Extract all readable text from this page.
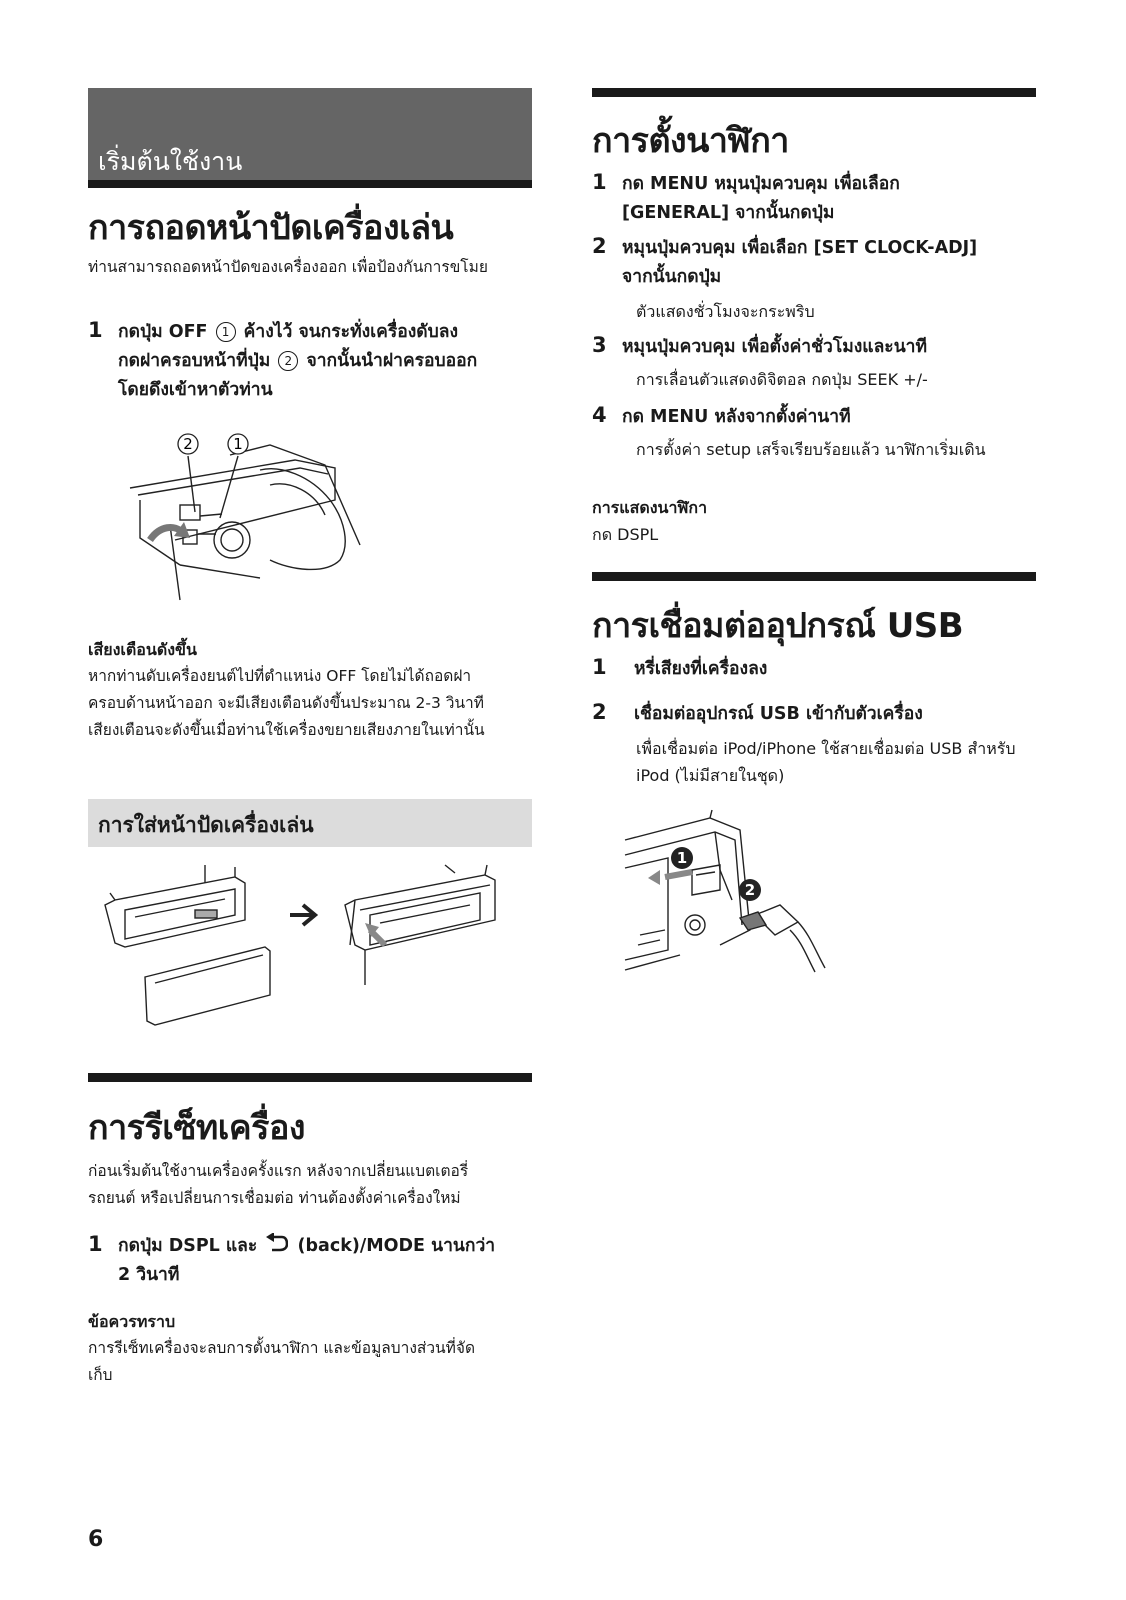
เริ่มต้นใช้งาน
การถอดหน้าปัดเครื่องเล่น
ท่านสามารถถอดหน้าปัดของเครื่องออก เพื่อป้องกันการขโมย
1 กดปุ่ม OFF 1 ค้างไว้ จนกระทั่งเครื่องดับลง
กดฝาครอบหน้าที่ปุ่ม 2 จากนั้นนำฝาครอบออก
โดยดึงเข้าหาตัวท่าน
2	1
เสียงเตือนดังขึ้น
หากท่านดับเครื่องยนต์ไปที่ตำแหน่ง OFF โดยไม่ได้ถอดฝา
ครอบด้านหน้าออก จะมีเสียงเตือนดังขึ้นประมาณ 2-3 วินาที
เสียงเตือนจะดังขึ้นเมื่อท่านใช้เครื่องขยายเสียงภายในเท่านั้น
การใส่หน้าปัดเครื่องเล่น
การรีเซ็ทเครื่อง
ก่อนเริ่มต้นใช้งานเครื่องครั้งแรก หลังจากเปลี่ยนแบตเตอรี่
รถยนต์ หรือเปลี่ยนการเชื่อมต่อ ท่านต้องตั้งค่าเครื่องใหม่
1 กดปุ่ม DSPL และ (back)/MODE นานกว่า
2 วินาที
ข้อควรทราบ
การรีเซ็ทเครื่องจะลบการตั้งนาฬิกา และข้อมูลบางส่วนที่จัด
เก็บ
6
การตั้งนาฬิกา
1 กด MENU หมุนปุ่มควบคุม เพื่อเลือก
[GENERAL] จากนั้นกดปุ่ม
2 หมุนปุ่มควบคุม เพื่อเลือก [SET CLOCK-ADJ]
จากนั้นกดปุ่ม
ตัวแสดงชั่วโมงจะกระพริบ
3 หมุนปุ่มควบคุม เพื่อตั้งค่าชั่วโมงและนาที
การเลื่อนตัวแสดงดิจิตอล กดปุ่ม SEEK +/-
4 กด MENU หลังจากตั้งค่านาที
การตั้งค่า setup เสร็จเรียบร้อยแล้ว นาฬิกาเริ่มเดิน
การแสดงนาฬิกา
กด DSPL
การเชื่อมต่ออุปกรณ์ USB
1 หรี่เสียงที่เครื่องลง
2 เชื่อมต่ออุปกรณ์ USB เข้ากับตัวเครื่อง
เพื่อเชื่อมต่อ iPod/iPhone ใช้สายเชื่อมต่อ USB สำหรับ
iPod (ไม่มีสายในชุด)
1
2
